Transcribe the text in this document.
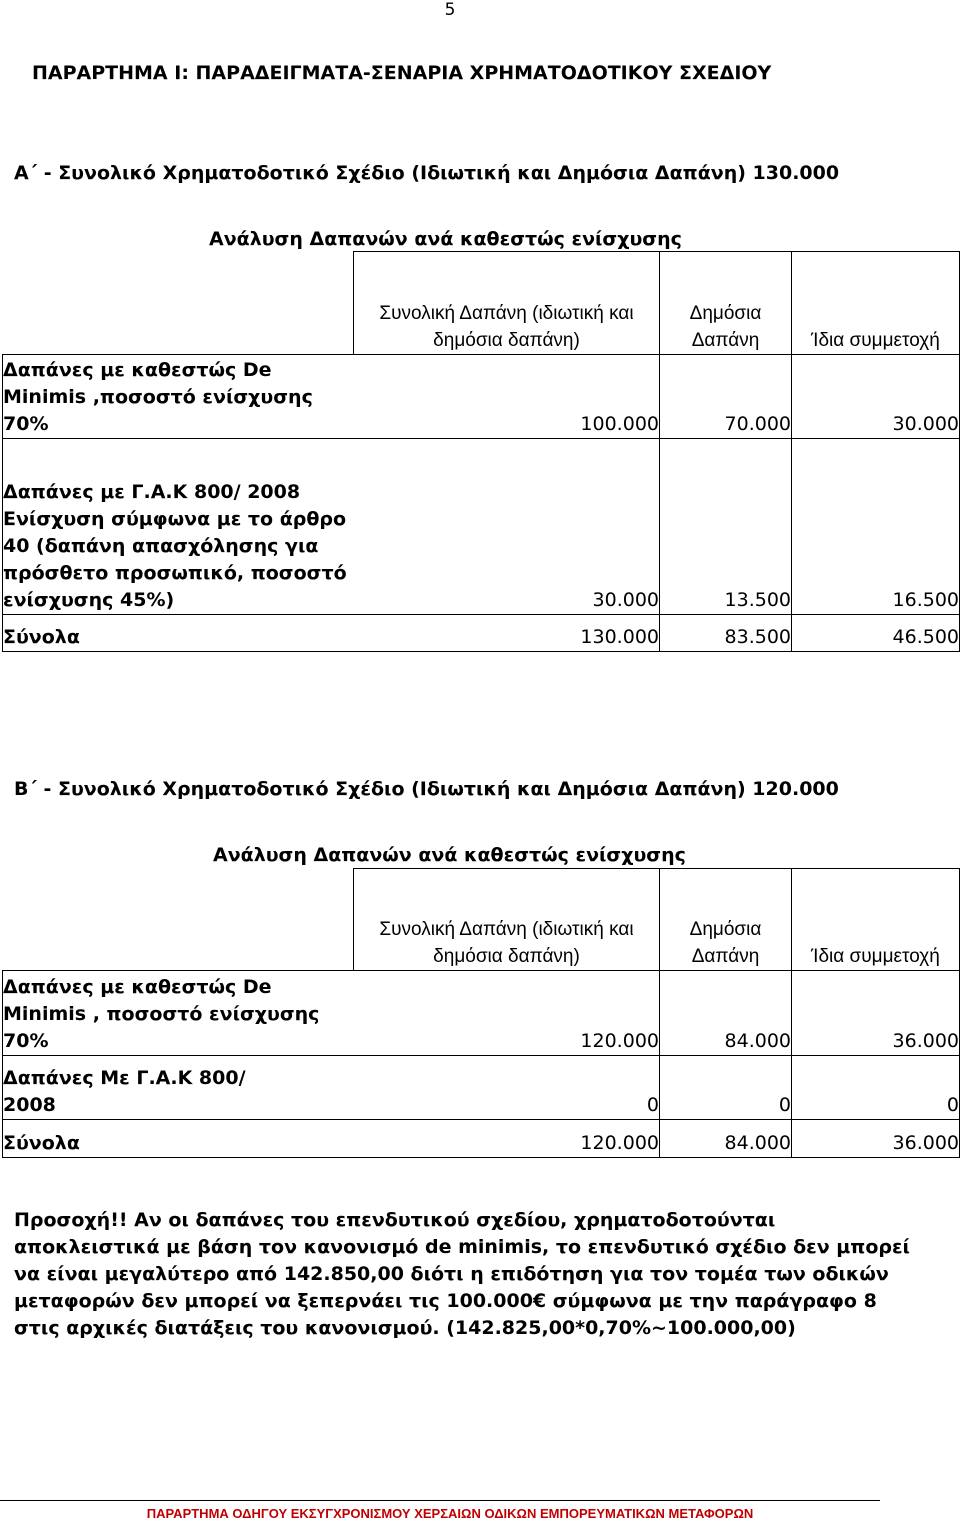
5
ΠΑΡΑΡΤΗΜΑ Ι: ΠΑΡΑΔΕΙΓΜΑΤΑ-ΣΕΝΑΡΙΑ ΧΡΗΜΑΤΟΔΟΤΙΚΟΥ ΣΧΕΔΙΟΥ
Α΄ - Συνολικό Χρηματοδοτικό Σχέδιο (Ιδιωτική και Δημόσια Δαπάνη) 130.000
Ανάλυση Δαπανών ανά καθεστώς ενίσχυσης
	Συνολική Δαπάνη (ιδιωτική και δημόσια δαπάνη)	Δημόσια Δαπάνη	Ίδια συμμετοχή
Δαπάνες με καθεστώς De Minimis ,ποσοστό ενίσχυσης 70%	100.000	70.000	30.000
Δαπάνες με Γ.Α.Κ 800/ 2008 Ενίσχυση σύμφωνα με το άρθρο 40 (δαπάνη απασχόλησης για πρόσθετο προσωπικό, ποσοστό ενίσχυσης 45%)	30.000	13.500	16.500
Σύνολα	130.000	83.500	46.500
Β΄ - Συνολικό Χρηματοδοτικό Σχέδιο (Ιδιωτική και Δημόσια Δαπάνη) 120.000
Ανάλυση Δαπανών ανά καθεστώς ενίσχυσης
	Συνολική Δαπάνη (ιδιωτική και δημόσια δαπάνη)	Δημόσια Δαπάνη	Ίδια συμμετοχή
Δαπάνες με καθεστώς De Minimis , ποσοστό ενίσχυσης 70%	120.000	84.000	36.000
Δαπάνες Με Γ.Α.Κ 800/ 2008	0	0	0
Σύνολα	120.000	84.000	36.000
Προσοχή!! Αν οι δαπάνες του επενδυτικού σχεδίου, χρηματοδοτούνται αποκλειστικά με βάση τον κανονισμό de minimis, το επενδυτικό σχέδιο δεν μπορεί να είναι μεγαλύτερο από 142.850,00 διότι η επιδότηση για τον τομέα των οδικών μεταφορών δεν μπορεί να ξεπερνάει τις 100.000€ σύμφωνα με την παράγραφο 8 στις αρχικές διατάξεις του κανονισμού. (142.825,00*0,70%~100.000,00)
ΠΑΡΑΡΤΗΜΑ ΟΔΗΓΟΥ ΕΚΣΥΓΧΡΟΝΙΣΜΟΥ ΧΕΡΣΑΙΩΝ ΟΔΙΚΩΝ ΕΜΠΟΡΕΥΜΑΤΙΚΩΝ ΜΕΤΑΦΟΡΩΝ
